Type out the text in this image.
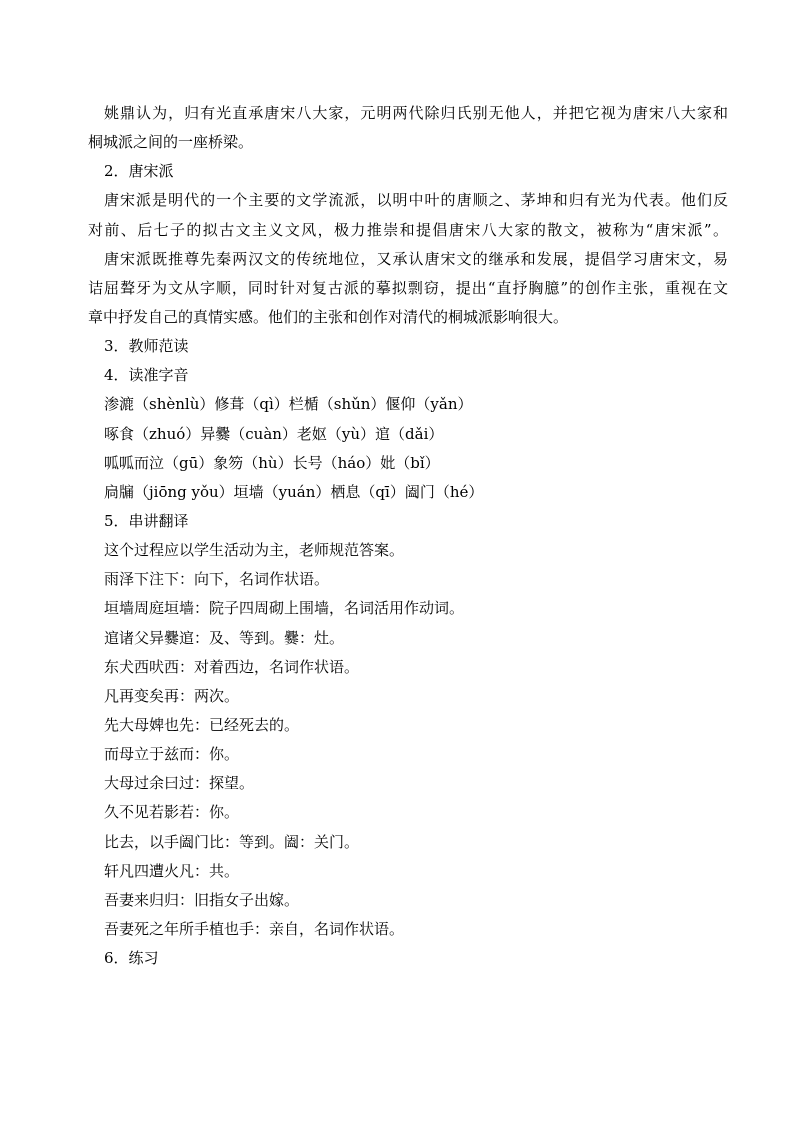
姚鼎认为，归有光直承唐宋八大家，元明两代除归氏别无他人，并把它视为唐宋八大家和
桐城派之间的一座桥梁。
2．唐宋派
唐宋派是明代的一个主要的文学流派，以明中叶的唐顺之、茅坤和归有光为代表。他们反
对前、后七子的拟古文主义文风，极力推崇和提倡唐宋八大家的散文，被称为“唐宋派”。
唐宋派既推尊先秦两汉文的传统地位，又承认唐宋文的继承和发展，提倡学习唐宋文，易
诘屈聱牙为文从字顺，同时针对复古派的摹拟剽窃，提出“直抒胸臆”的创作主张，重视在文
章中抒发自己的真情实感。他们的主张和创作对清代的桐城派影响很大。
3．教师范读
4．读准字音
渗漉（shènlù）修葺（qì）栏楯（shǔn）偃仰（yǎn）
啄食（zhuó）异爨（cuàn）老妪（yù）逭（dǎi）
呱呱而泣（gū）象笏（hù）长号（háo）妣（bǐ）
扃牖（jiōng yǒu）垣墙（yuán）栖息（qī）阖门（hé）
5．串讲翻译
这个过程应以学生活动为主，老师规范答案。
雨泽下注下：向下，名词作状语。
垣墙周庭垣墙：院子四周砌上围墙，名词活用作动词。
逭诸父异爨逭：及、等到。爨：灶。
东犬西吠西：对着西边，名词作状语。
凡再变矣再：两次。
先大母婢也先：已经死去的。
而母立于兹而：你。
大母过余曰过：探望。
久不见若影若：你。
比去，以手阖门比：等到。阖：关门。
轩凡四遭火凡：共。
吾妻来归归：旧指女子出嫁。
吾妻死之年所手植也手：亲自，名词作状语。
6．练习
